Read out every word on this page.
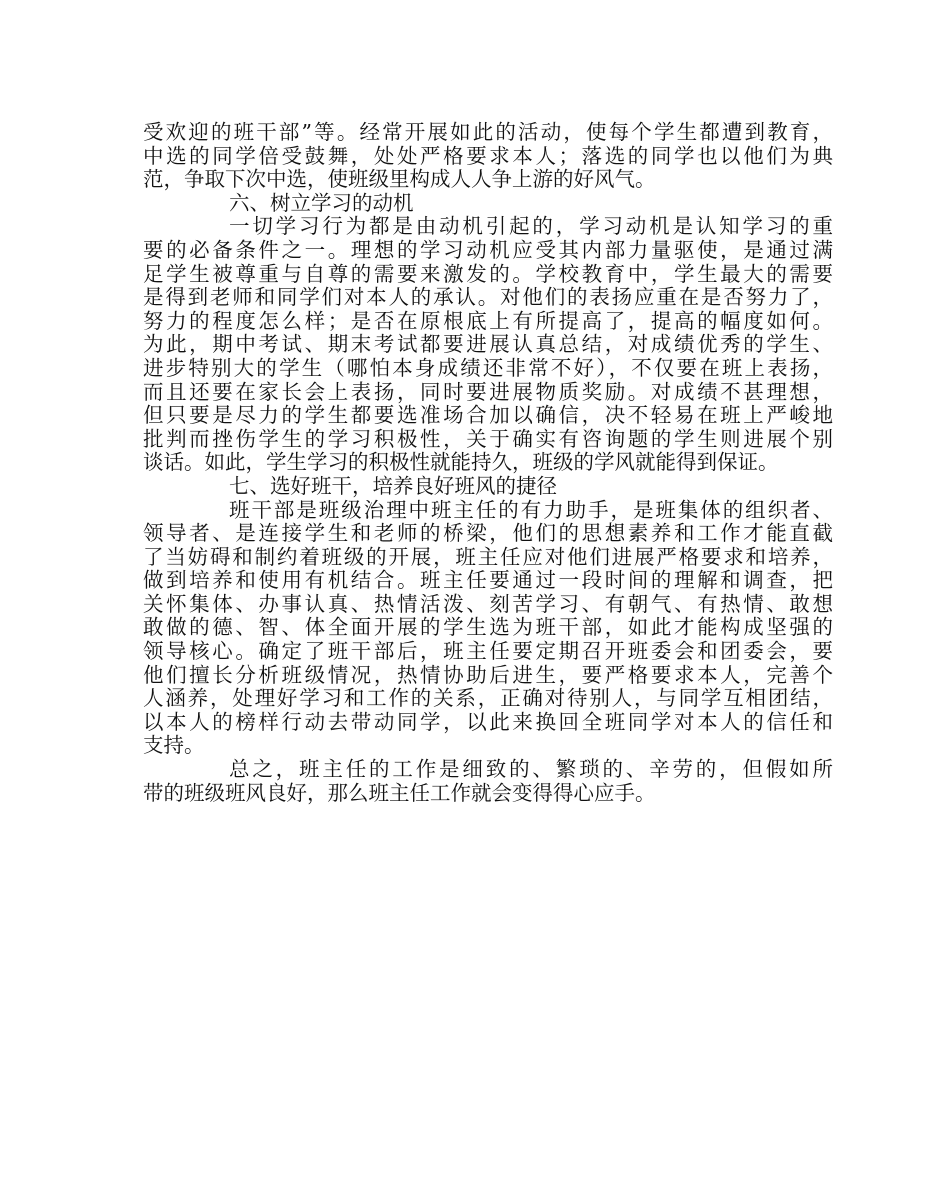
受欢迎的班干部”等。经常开展如此的活动，使每个学生都遭到教育，
中选的同学倍受鼓舞，处处严格要求本人；落选的同学也以他们为典
范，争取下次中选，使班级里构成人人争上游的好风气。
六、树立学习的动机
一切学习行为都是由动机引起的，学习动机是认知学习的重
要的必备条件之一。理想的学习动机应受其内部力量驱使，是通过满
足学生被尊重与自尊的需要来激发的。学校教育中，学生最大的需要
是得到老师和同学们对本人的承认。对他们的表扬应重在是否努力了，
努力的程度怎么样；是否在原根底上有所提高了，提高的幅度如何。
为此，期中考试、期末考试都要进展认真总结，对成绩优秀的学生、
进步特别大的学生（哪怕本身成绩还非常不好），不仅要在班上表扬，
而且还要在家长会上表扬，同时要进展物质奖励。对成绩不甚理想，
但只要是尽力的学生都要选准场合加以确信，决不轻易在班上严峻地
批判而挫伤学生的学习积极性，关于确实有咨询题的学生则进展个别
谈话。如此，学生学习的积极性就能持久，班级的学风就能得到保证。
七、选好班干，培养良好班风的捷径
班干部是班级治理中班主任的有力助手，是班集体的组织者、
领导者、是连接学生和老师的桥梁，他们的思想素养和工作才能直截
了当妨碍和制约着班级的开展，班主任应对他们进展严格要求和培养，
做到培养和使用有机结合。班主任要通过一段时间的理解和调查，把
关怀集体、办事认真、热情活泼、刻苦学习、有朝气、有热情、敢想
敢做的德、智、体全面开展的学生选为班干部，如此才能构成坚强的
领导核心。确定了班干部后，班主任要定期召开班委会和团委会，要
他们擅长分析班级情况，热情协助后进生，要严格要求本人，完善个
人涵养，处理好学习和工作的关系，正确对待别人，与同学互相团结，
以本人的榜样行动去带动同学，以此来换回全班同学对本人的信任和
支持。
总之，班主任的工作是细致的、繁琐的、辛劳的，但假如所
带的班级班风良好，那么班主任工作就会变得得心应手。
